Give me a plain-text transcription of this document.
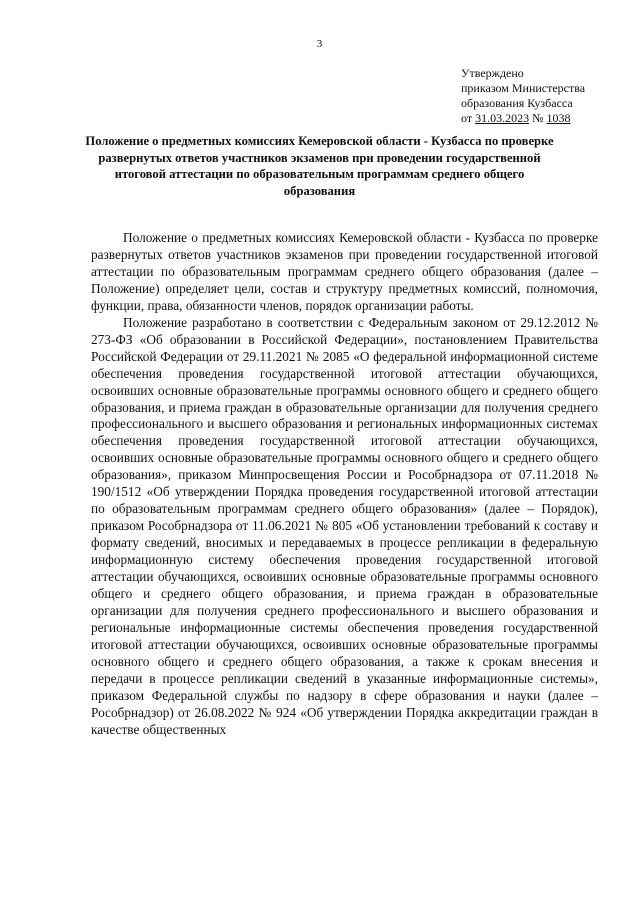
3
Утверждено
приказом Министерства
образования Кузбасса
от 31.03.2023 № 1038
Положение о предметных комиссиях Кемеровской области - Кузбасса по проверке развернутых ответов участников экзаменов при проведении государственной итоговой аттестации по образовательным программам среднего общего образования

Положение о предметных комиссиях Кемеровской области - Кузбасса по проверке развернутых ответов участников экзаменов при проведении государственной итоговой аттестации по образовательным программам среднего общего образования (далее – Положение) определяет цели, состав и структуру предметных комиссий, полномочия, функции, права, обязанности членов, порядок организации работы.

Положение разработано в соответствии с Федеральным законом от 29.12.2012 № 273-ФЗ «Об образовании в Российской Федерации», постановлением Правительства Российской Федерации от 29.11.2021 № 2085 «О федеральной информационной системе обеспечения проведения государственной итоговой аттестации обучающихся, освоивших основные образовательные программы основного общего и среднего общего образования, и приема граждан в образовательные организации для получения среднего профессионального и высшего образования и региональных информационных системах обеспечения проведения государственной итоговой аттестации обучающихся, освоивших основные образовательные программы основного общего и среднего общего образования», приказом Минпросвещения России и Рособрнадзора от 07.11.2018 № 190/1512 «Об утверждении Порядка проведения государственной итоговой аттестации по образовательным программам среднего общего образования» (далее – Порядок), приказом Рособрнадзора от 11.06.2021 № 805 «Об установлении требований к составу и формату сведений, вносимых и передаваемых в процессе репликации в федеральную информационную систему обеспечения проведения государственной итоговой аттестации обучающихся, освоивших основные образовательные программы основного общего и среднего общего образования, и приема граждан в образовательные организации для получения среднего профессионального и высшего образования и региональные информационные системы обеспечения проведения государственной итоговой аттестации обучающихся, освоивших основные образовательные программы основного общего и среднего общего образования, а также к срокам внесения и передачи в процессе репликации сведений в указанные информационные системы», приказом Федеральной службы по надзору в сфере образования и науки (далее – Рособрнадзор) от 26.08.2022 № 924 «Об утверждении Порядка аккредитации граждан в качестве общественных
